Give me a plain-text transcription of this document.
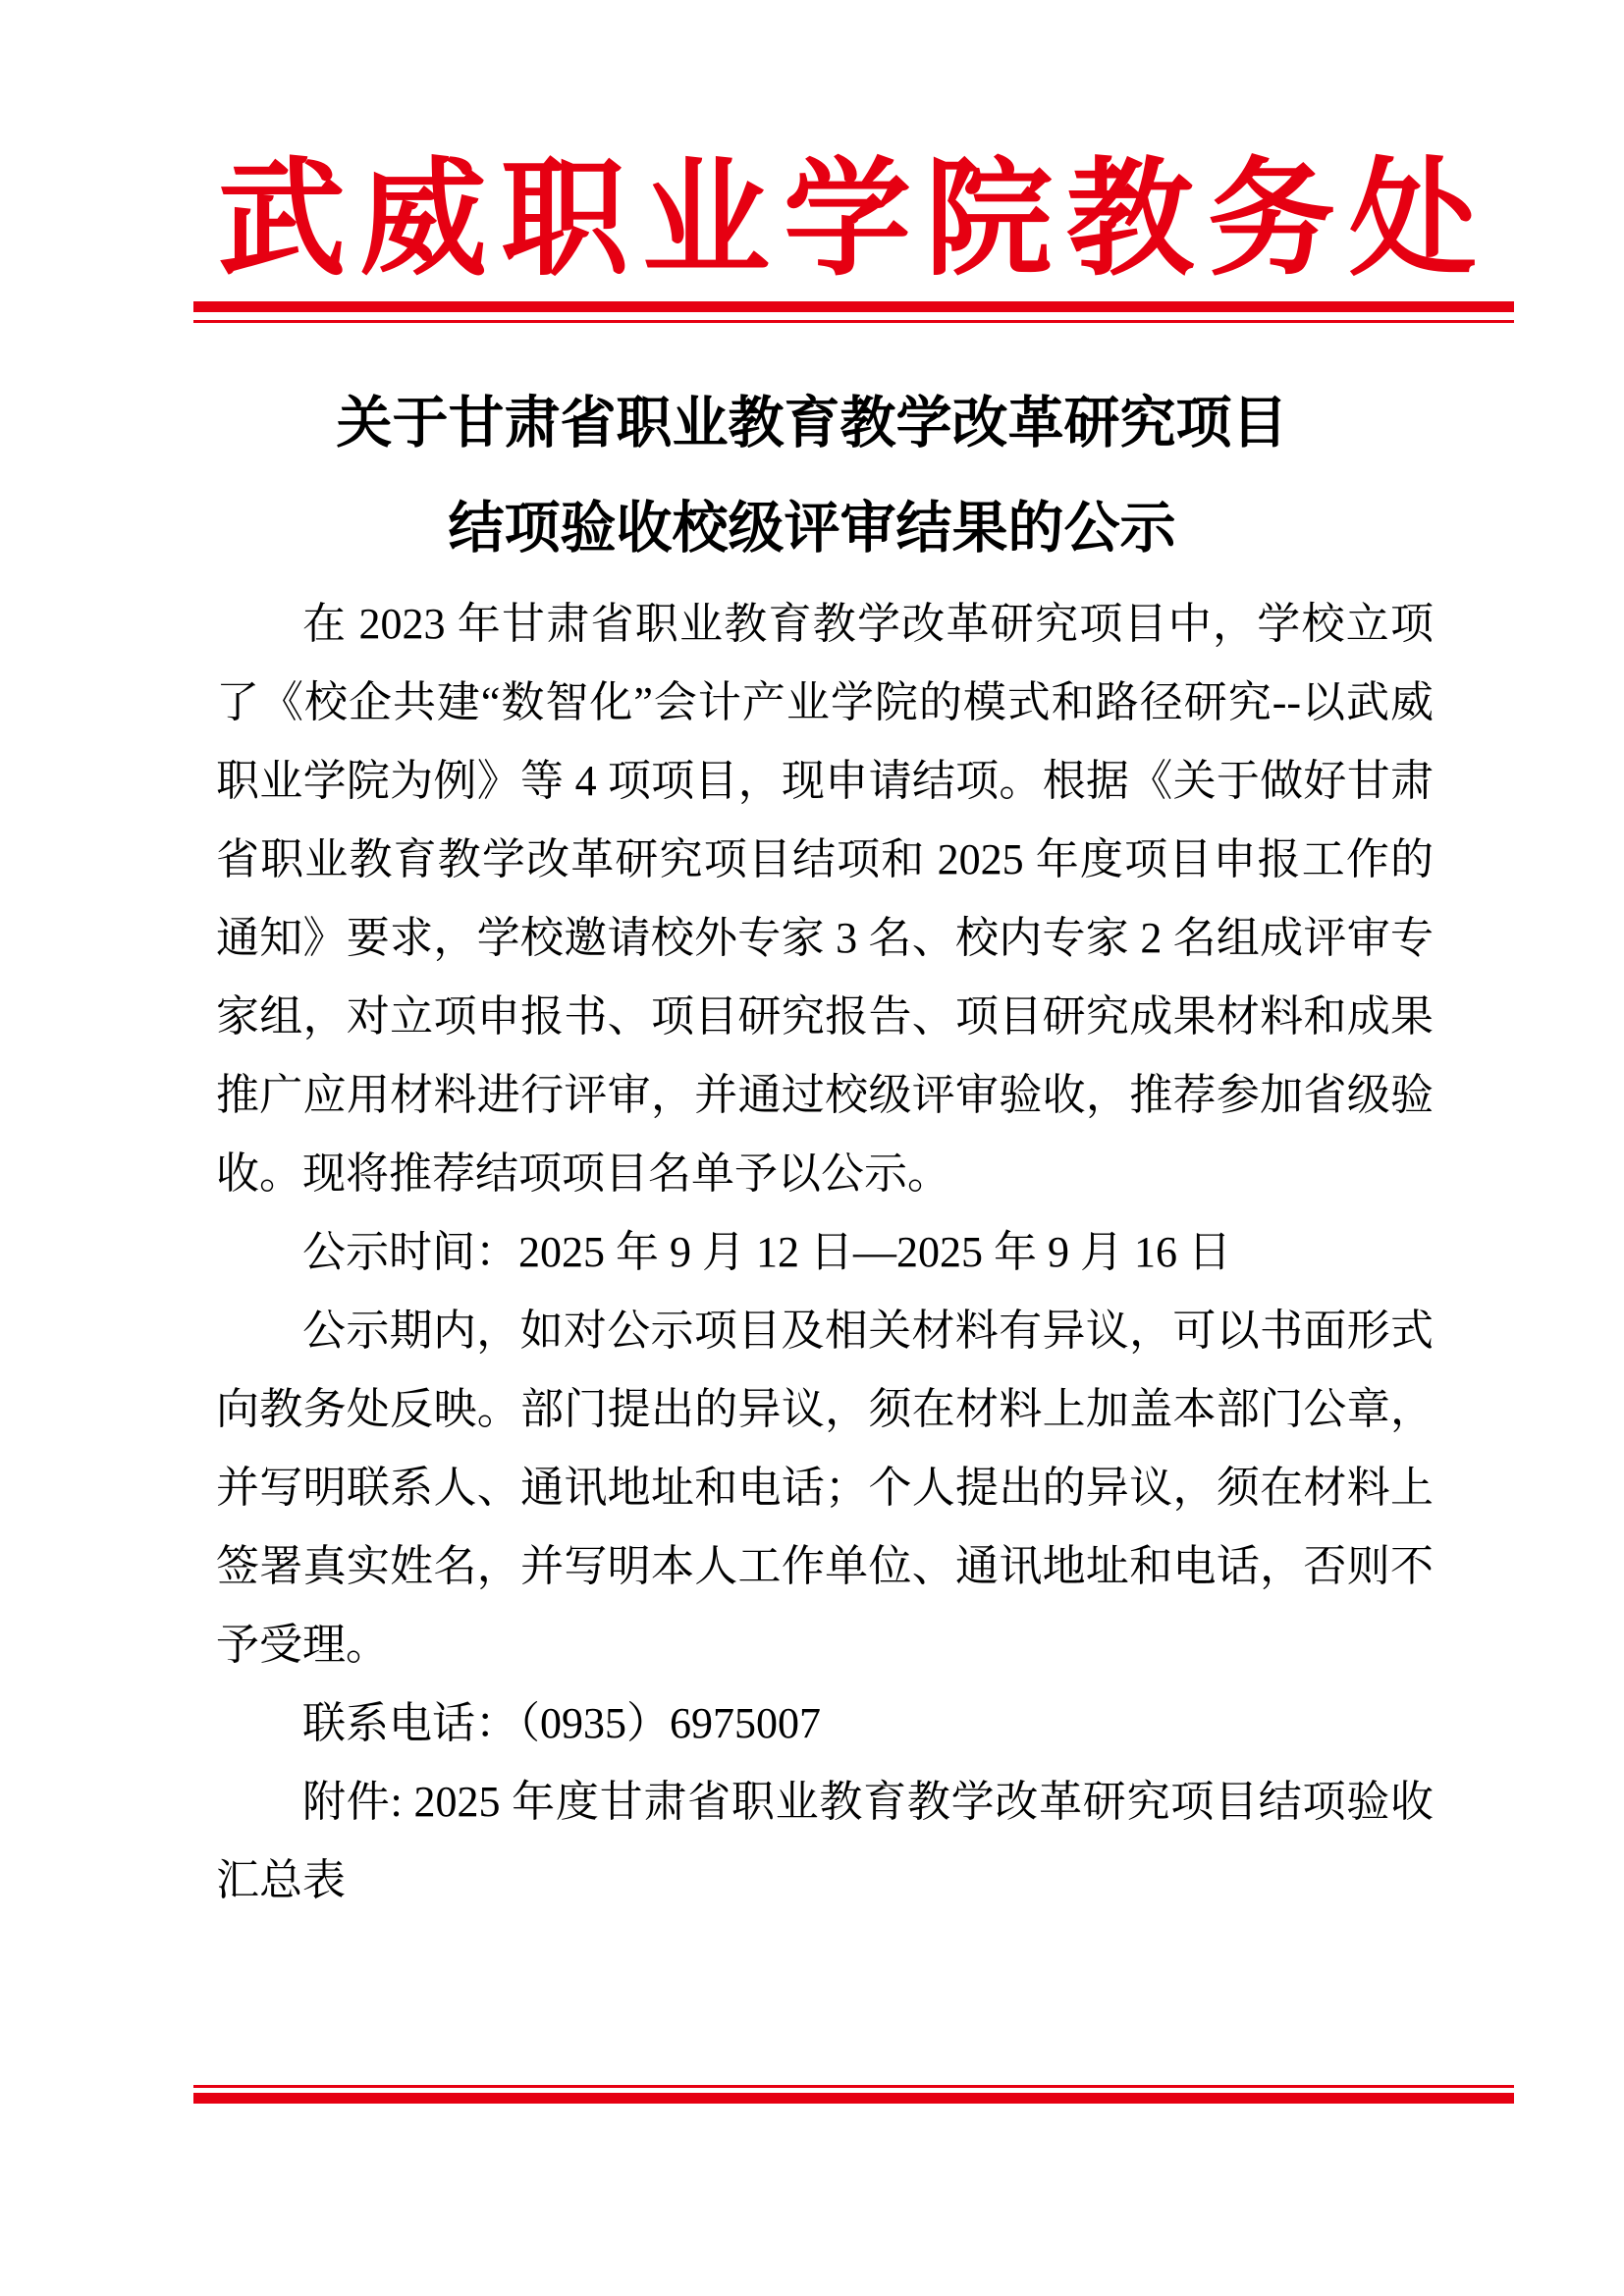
武威职业学院教务处
关于甘肃省职业教育教学改革研究项目
结项验收校级评审结果的公示

在 2023 年甘肃省职业教育教学改革研究项目中，学校立项了《校企共建“数智化”会计产业学院的模式和路径研究--以武威职业学院为例》等 4 项项目，现申请结项。根据《关于做好甘肃省职业教育教学改革研究项目结项和 2025 年度项目申报工作的通知》要求，学校邀请校外专家 3 名、校内专家 2 名组成评审专家组，对立项申报书、项目研究报告、项目研究成果材料和成果推广应用材料进行评审，并通过校级评审验收，推荐参加省级验收。现将推荐结项项目名单予以公示。

公示时间：2025 年 9 月 12 日—2025 年 9 月 16 日

公示期内，如对公示项目及相关材料有异议，可以书面形式向教务处反映。部门提出的异议，须在材料上加盖本部门公章，并写明联系人、通讯地址和电话；个人提出的异议，须在材料上签署真实姓名，并写明本人工作单位、通讯地址和电话，否则不予受理。

联系电话：（0935）6975007

附件: 2025 年度甘肃省职业教育教学改革研究项目结项验收汇总表
